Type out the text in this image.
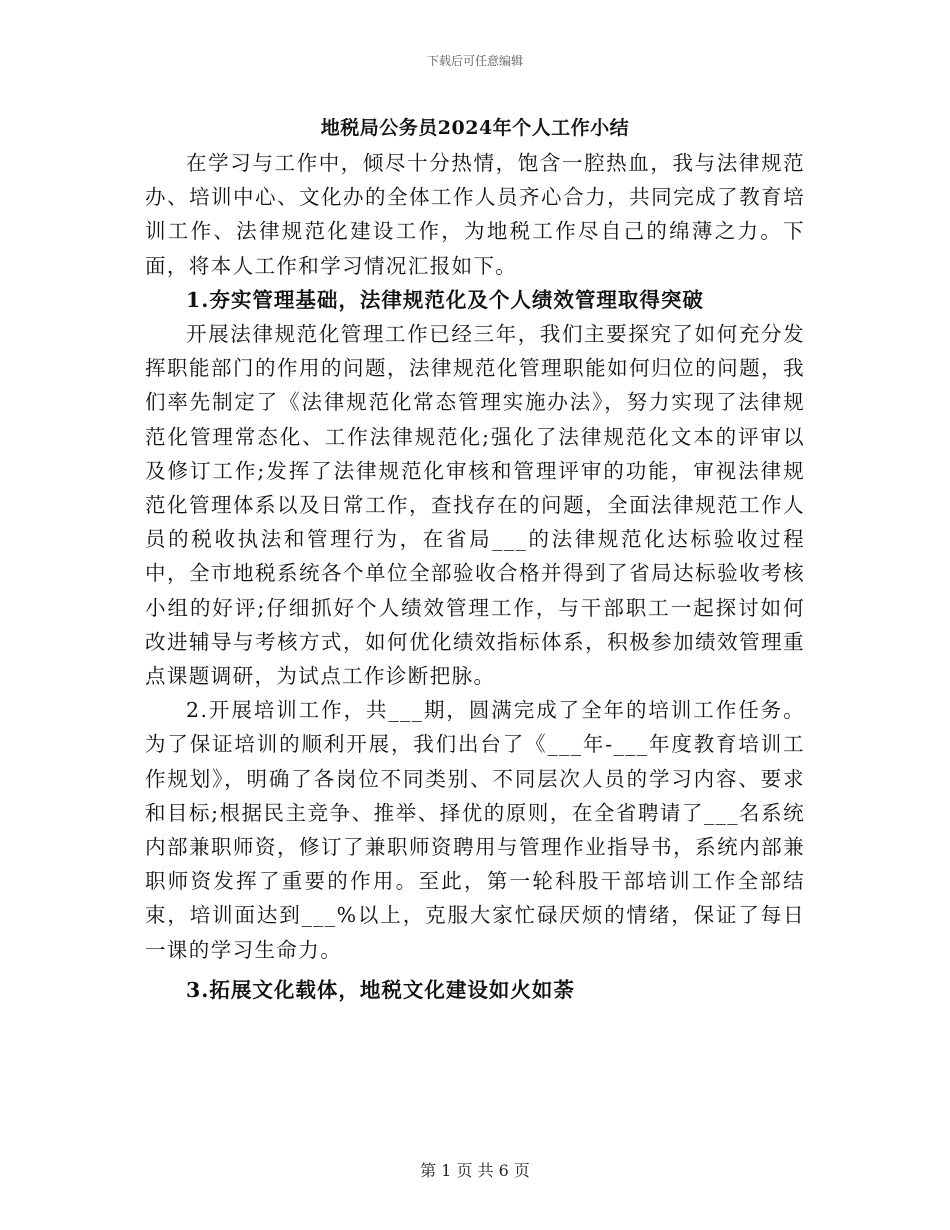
下载后可任意编辑
地税局公务员2024年个人工作小结

在学习与工作中，倾尽十分热情，饱含一腔热血，我与法律规范办、培训中心、文化办的全体工作人员齐心合力，共同完成了教育培训工作、法律规范化建设工作，为地税工作尽自己的绵薄之力。下面，将本人工作和学习情况汇报如下。

1.夯实管理基础，法律规范化及个人绩效管理取得突破

开展法律规范化管理工作已经三年，我们主要探究了如何充分发挥职能部门的作用的问题，法律规范化管理职能如何归位的问题，我们率先制定了《法律规范化常态管理实施办法》，努力实现了法律规范化管理常态化、工作法律规范化;强化了法律规范化文本的评审以及修订工作;发挥了法律规范化审核和管理评审的功能，审视法律规范化管理体系以及日常工作，查找存在的问题，全面法律规范工作人员的税收执法和管理行为，在省局___的法律规范化达标验收过程中，全市地税系统各个单位全部验收合格并得到了省局达标验收考核小组的好评;仔细抓好个人绩效管理工作，与干部职工一起探讨如何改进辅导与考核方式，如何优化绩效指标体系，积极参加绩效管理重点课题调研，为试点工作诊断把脉。

2.开展培训工作，共___期，圆满完成了全年的培训工作任务。为了保证培训的顺利开展，我们出台了《___年-___年度教育培训工作规划》，明确了各岗位不同类别、不同层次人员的学习内容、要求和目标;根据民主竞争、推举、择优的原则，在全省聘请了___名系统内部兼职师资，修订了兼职师资聘用与管理作业指导书，系统内部兼职师资发挥了重要的作用。至此，第一轮科股干部培训工作全部结束，培训面达到___%以上，克服大家忙碌厌烦的情绪，保证了每日一课的学习生命力。

3.拓展文化载体，地税文化建设如火如荼

第 1 页 共 6 页
